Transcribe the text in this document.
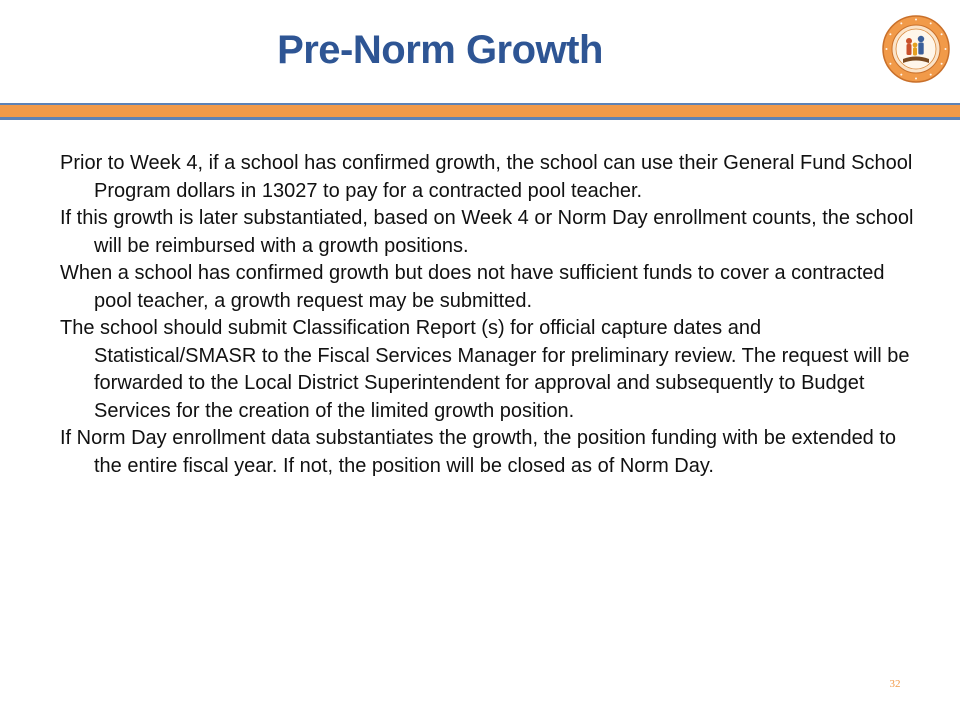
Pre-Norm Growth

Prior to Week 4, if a school has confirmed growth, the school can use their General Fund School Program dollars in 13027 to pay for a contracted pool teacher.

If this growth is later substantiated, based on Week 4 or Norm Day enrollment counts, the school will be reimbursed with a growth positions.

When a school has confirmed growth but does not have sufficient funds to cover a contracted pool teacher, a growth request may be submitted.

The school should submit Classification Report (s) for official capture dates and Statistical/SMASR to the Fiscal Services Manager for preliminary review. The request will be forwarded to the Local District Superintendent for approval and subsequently to Budget Services for the creation of the limited growth position.

If Norm Day enrollment data substantiates the growth, the position funding with be extended to the entire fiscal year. If not, the position will be closed as of Norm Day.

32
